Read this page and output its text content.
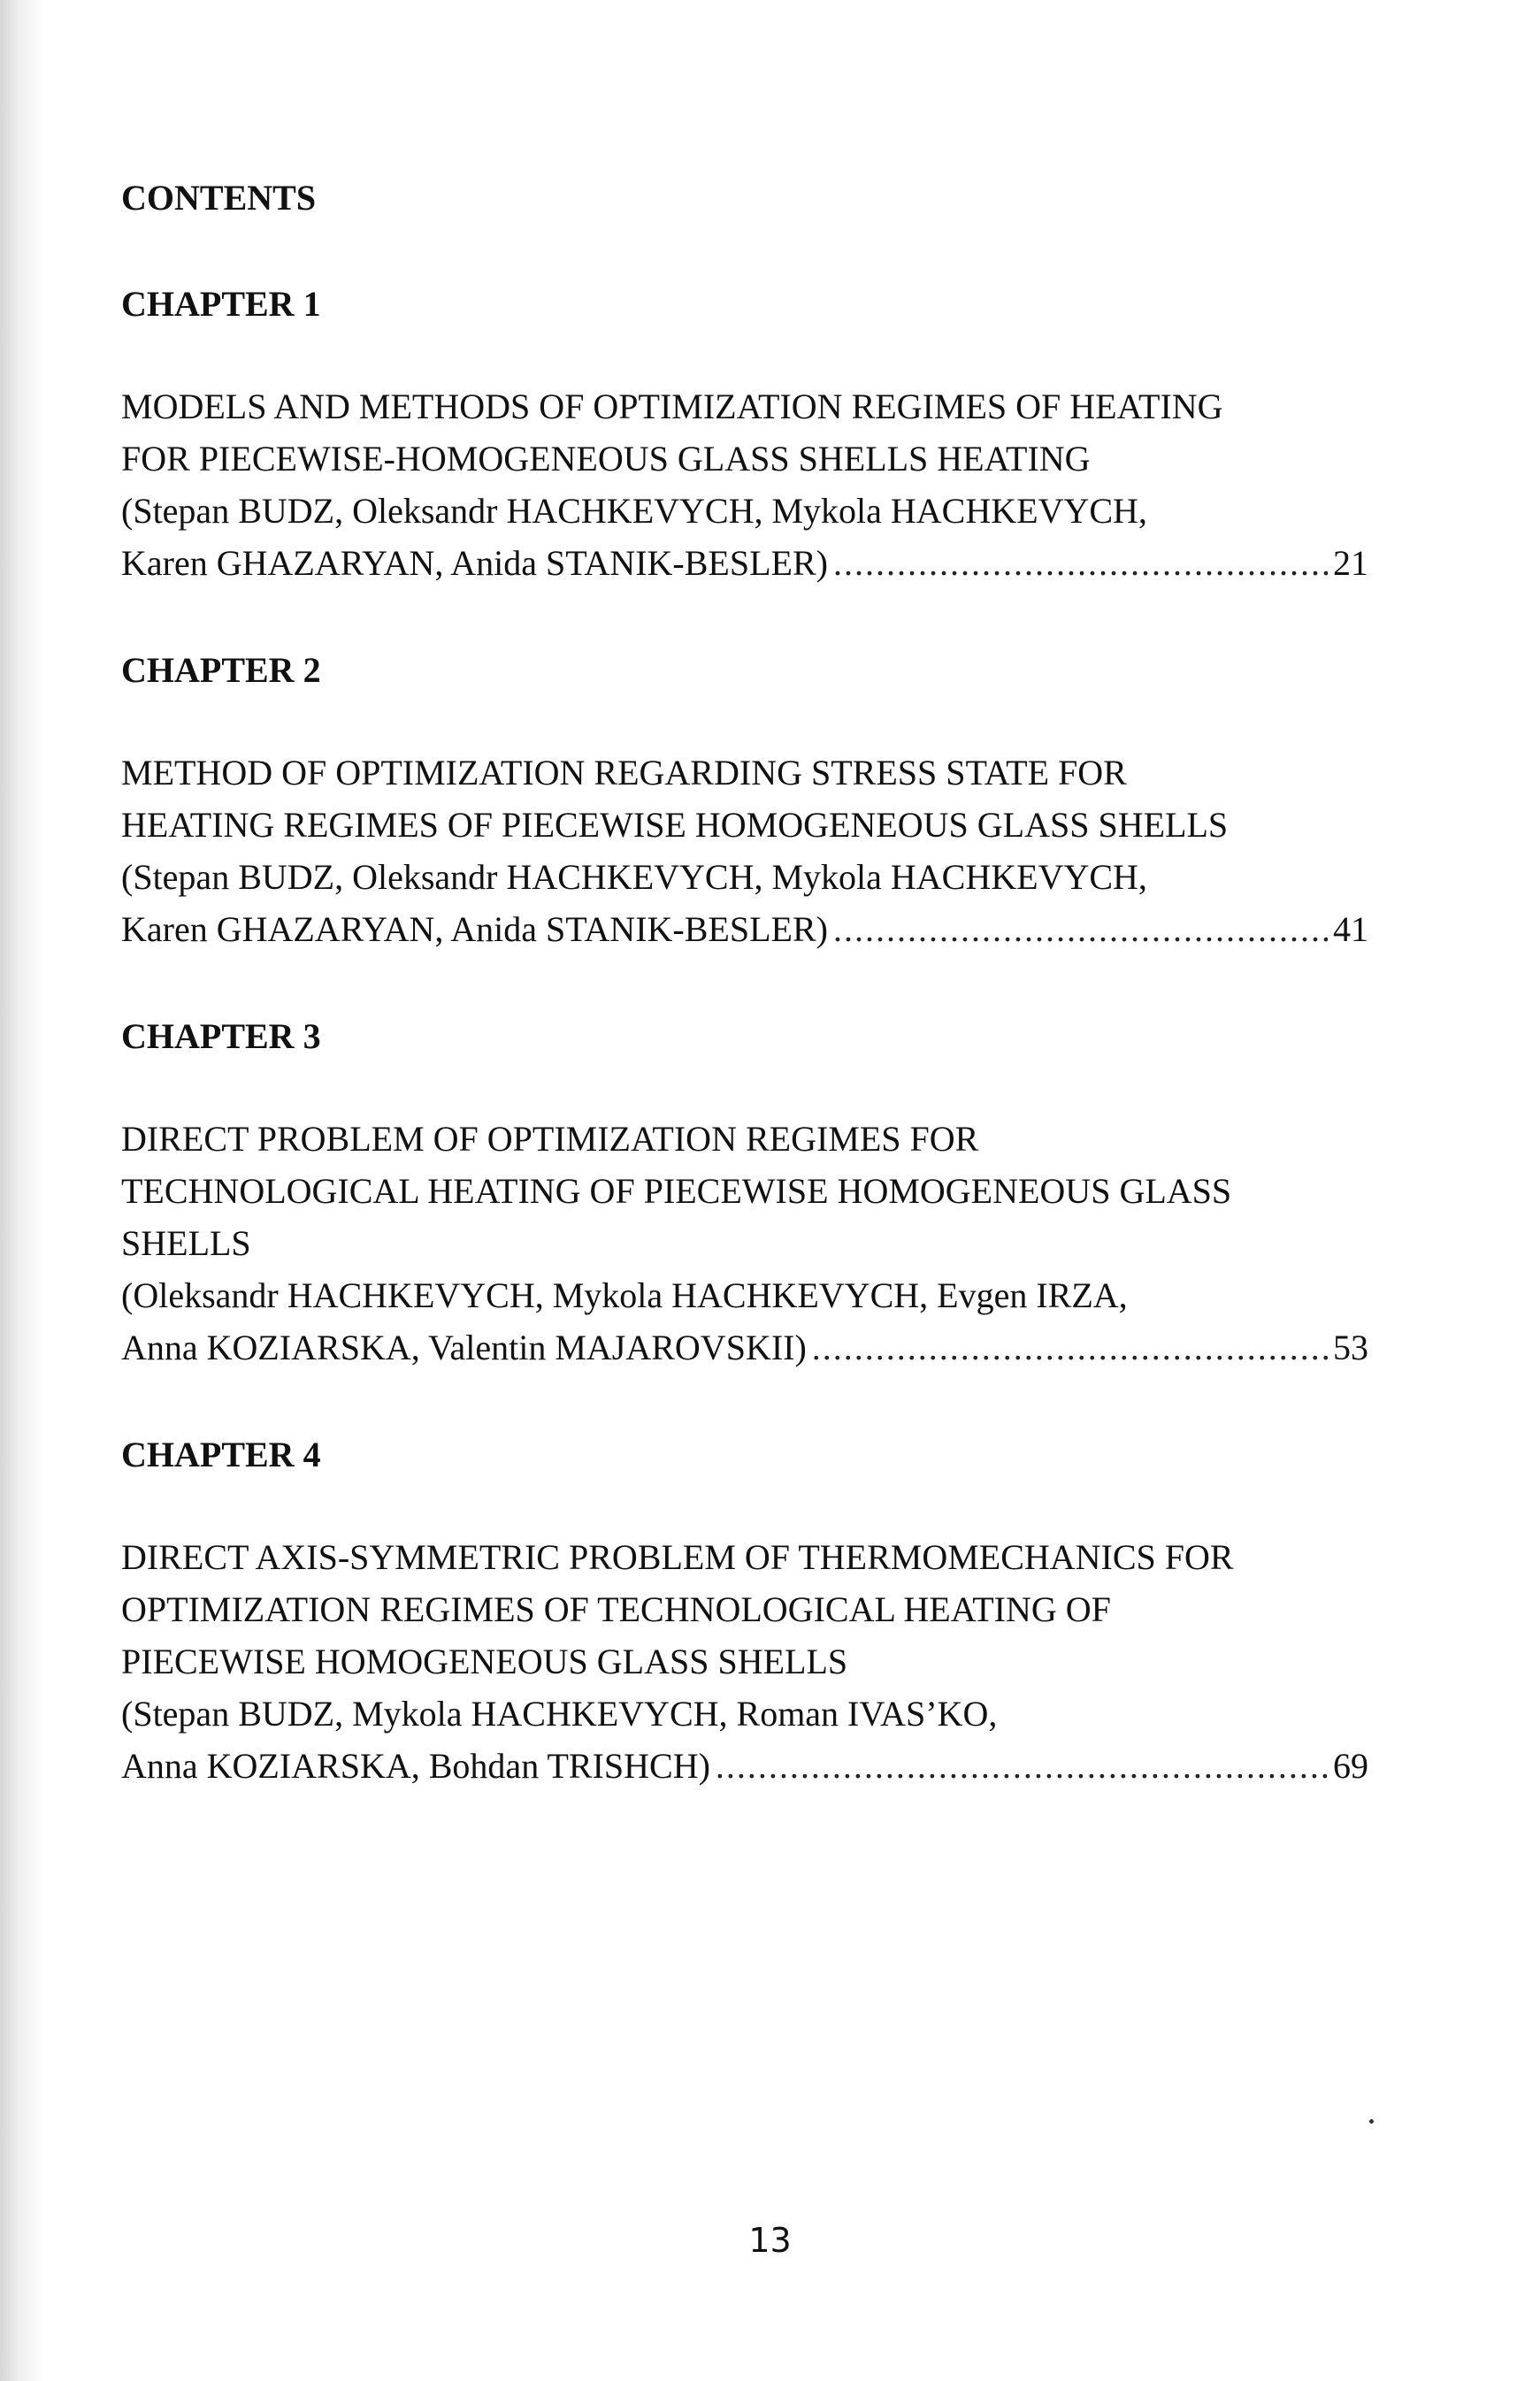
CONTENTS
CHAPTER 1
MODELS AND METHODS OF OPTIMIZATION REGIMES OF HEATING
FOR PIECEWISE-HOMOGENEOUS GLASS SHELLS HEATING
(Stepan BUDZ, Oleksandr HACHKEVYCH, Mykola HACHKEVYCH,
Karen GHAZARYAN, Anida STANIK-BESLER) .....	21
CHAPTER 2
METHOD OF OPTIMIZATION REGARDING STRESS STATE FOR
HEATING REGIMES OF PIECEWISE HOMOGENEOUS GLASS SHELLS
(Stepan BUDZ, Oleksandr HACHKEVYCH, Mykola HACHKEVYCH,
Karen GHAZARYAN, Anida STANIK-BESLER) .....	41
CHAPTER 3
DIRECT PROBLEM OF OPTIMIZATION REGIMES FOR
TECHNOLOGICAL HEATING OF PIECEWISE HOMOGENEOUS GLASS
SHELLS
(Oleksandr HACHKEVYCH, Mykola HACHKEVYCH, Evgen IRZA,
Anna KOZIARSKA, Valentin MAJAROVSKII) .....	53
CHAPTER 4
DIRECT AXIS-SYMMETRIC PROBLEM OF THERMOMECHANICS FOR
OPTIMIZATION REGIMES OF TECHNOLOGICAL HEATING OF
PIECEWISE HOMOGENEOUS GLASS SHELLS
(Stepan BUDZ, Mykola HACHKEVYCH, Roman IVAS’KO,
Anna KOZIARSKA, Bohdan TRISHCH) .....	69
13
